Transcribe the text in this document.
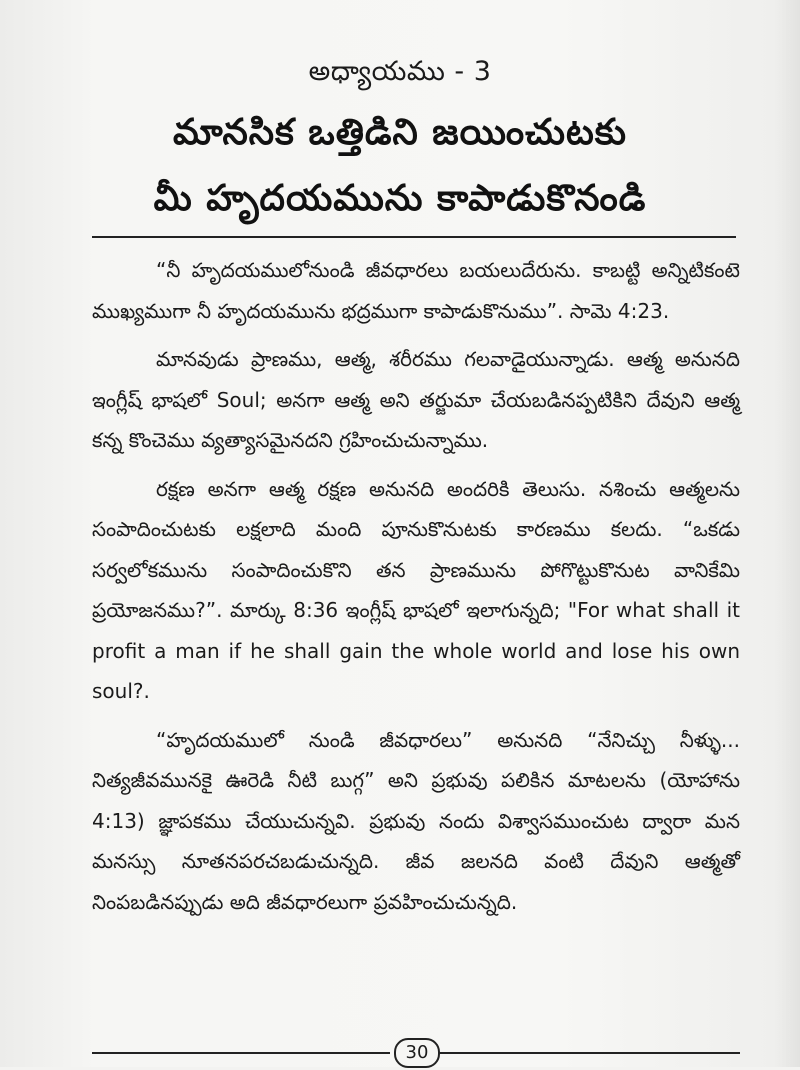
అధ్యాయము - 3
మానసిక ఒత్తిడిని జయించుటకు
మీ హృదయమును కాపాడుకొనండి

“నీ హృదయములోనుండి జీవధారలు బయలుదేరును. కాబట్టి అన్నిటికంటె ముఖ్యముగా నీ హృదయమును భద్రముగా కాపాడుకొనుము”. సామె 4:23.

మానవుడు ప్రాణము, ఆత్మ, శరీరము గలవాడైయున్నాడు. ఆత్మ అనునది ఇంగ్లీష్ భాషలో Soul; అనగా ఆత్మ అని తర్జుమా చేయబడినప్పటికిని దేవుని ఆత్మ కన్న కొంచెము వ్యత్యాసమైనదని గ్రహించుచున్నాము.

రక్షణ అనగా ఆత్మ రక్షణ అనునది అందరికి తెలుసు. నశించు ఆత్మలను సంపాదించుటకు లక్షలాది మంది పూనుకొనుటకు కారణము కలదు. “ఒకడు సర్వలోకమును సంపాదించుకొని తన ప్రాణమును పోగొట్టుకొనుట వానికేమి ప్రయోజనము?”. మార్కు 8:36 ఇంగ్లీష్ భాషలో ఇలాగున్నది; "For what shall it profit a man if he shall gain the whole world and lose his own soul?.

“హృదయములో నుండి జీవధారలు” అనునది “నేనిచ్చు నీళ్ళు... నిత్యజీవమునకై ఊరెడి నీటి బుగ్గ” అని ప్రభువు పలికిన మాటలను (యోహాను 4:13) జ్ఞాపకము చేయుచున్నవి. ప్రభువు నందు విశ్వాసముంచుట ద్వారా మన మనస్సు నూతనపరచబడుచున్నది. జీవ జలనది వంటి దేవుని ఆత్మతో నింపబడినప్పుడు అది జీవధారలుగా ప్రవహించుచున్నది.

30
